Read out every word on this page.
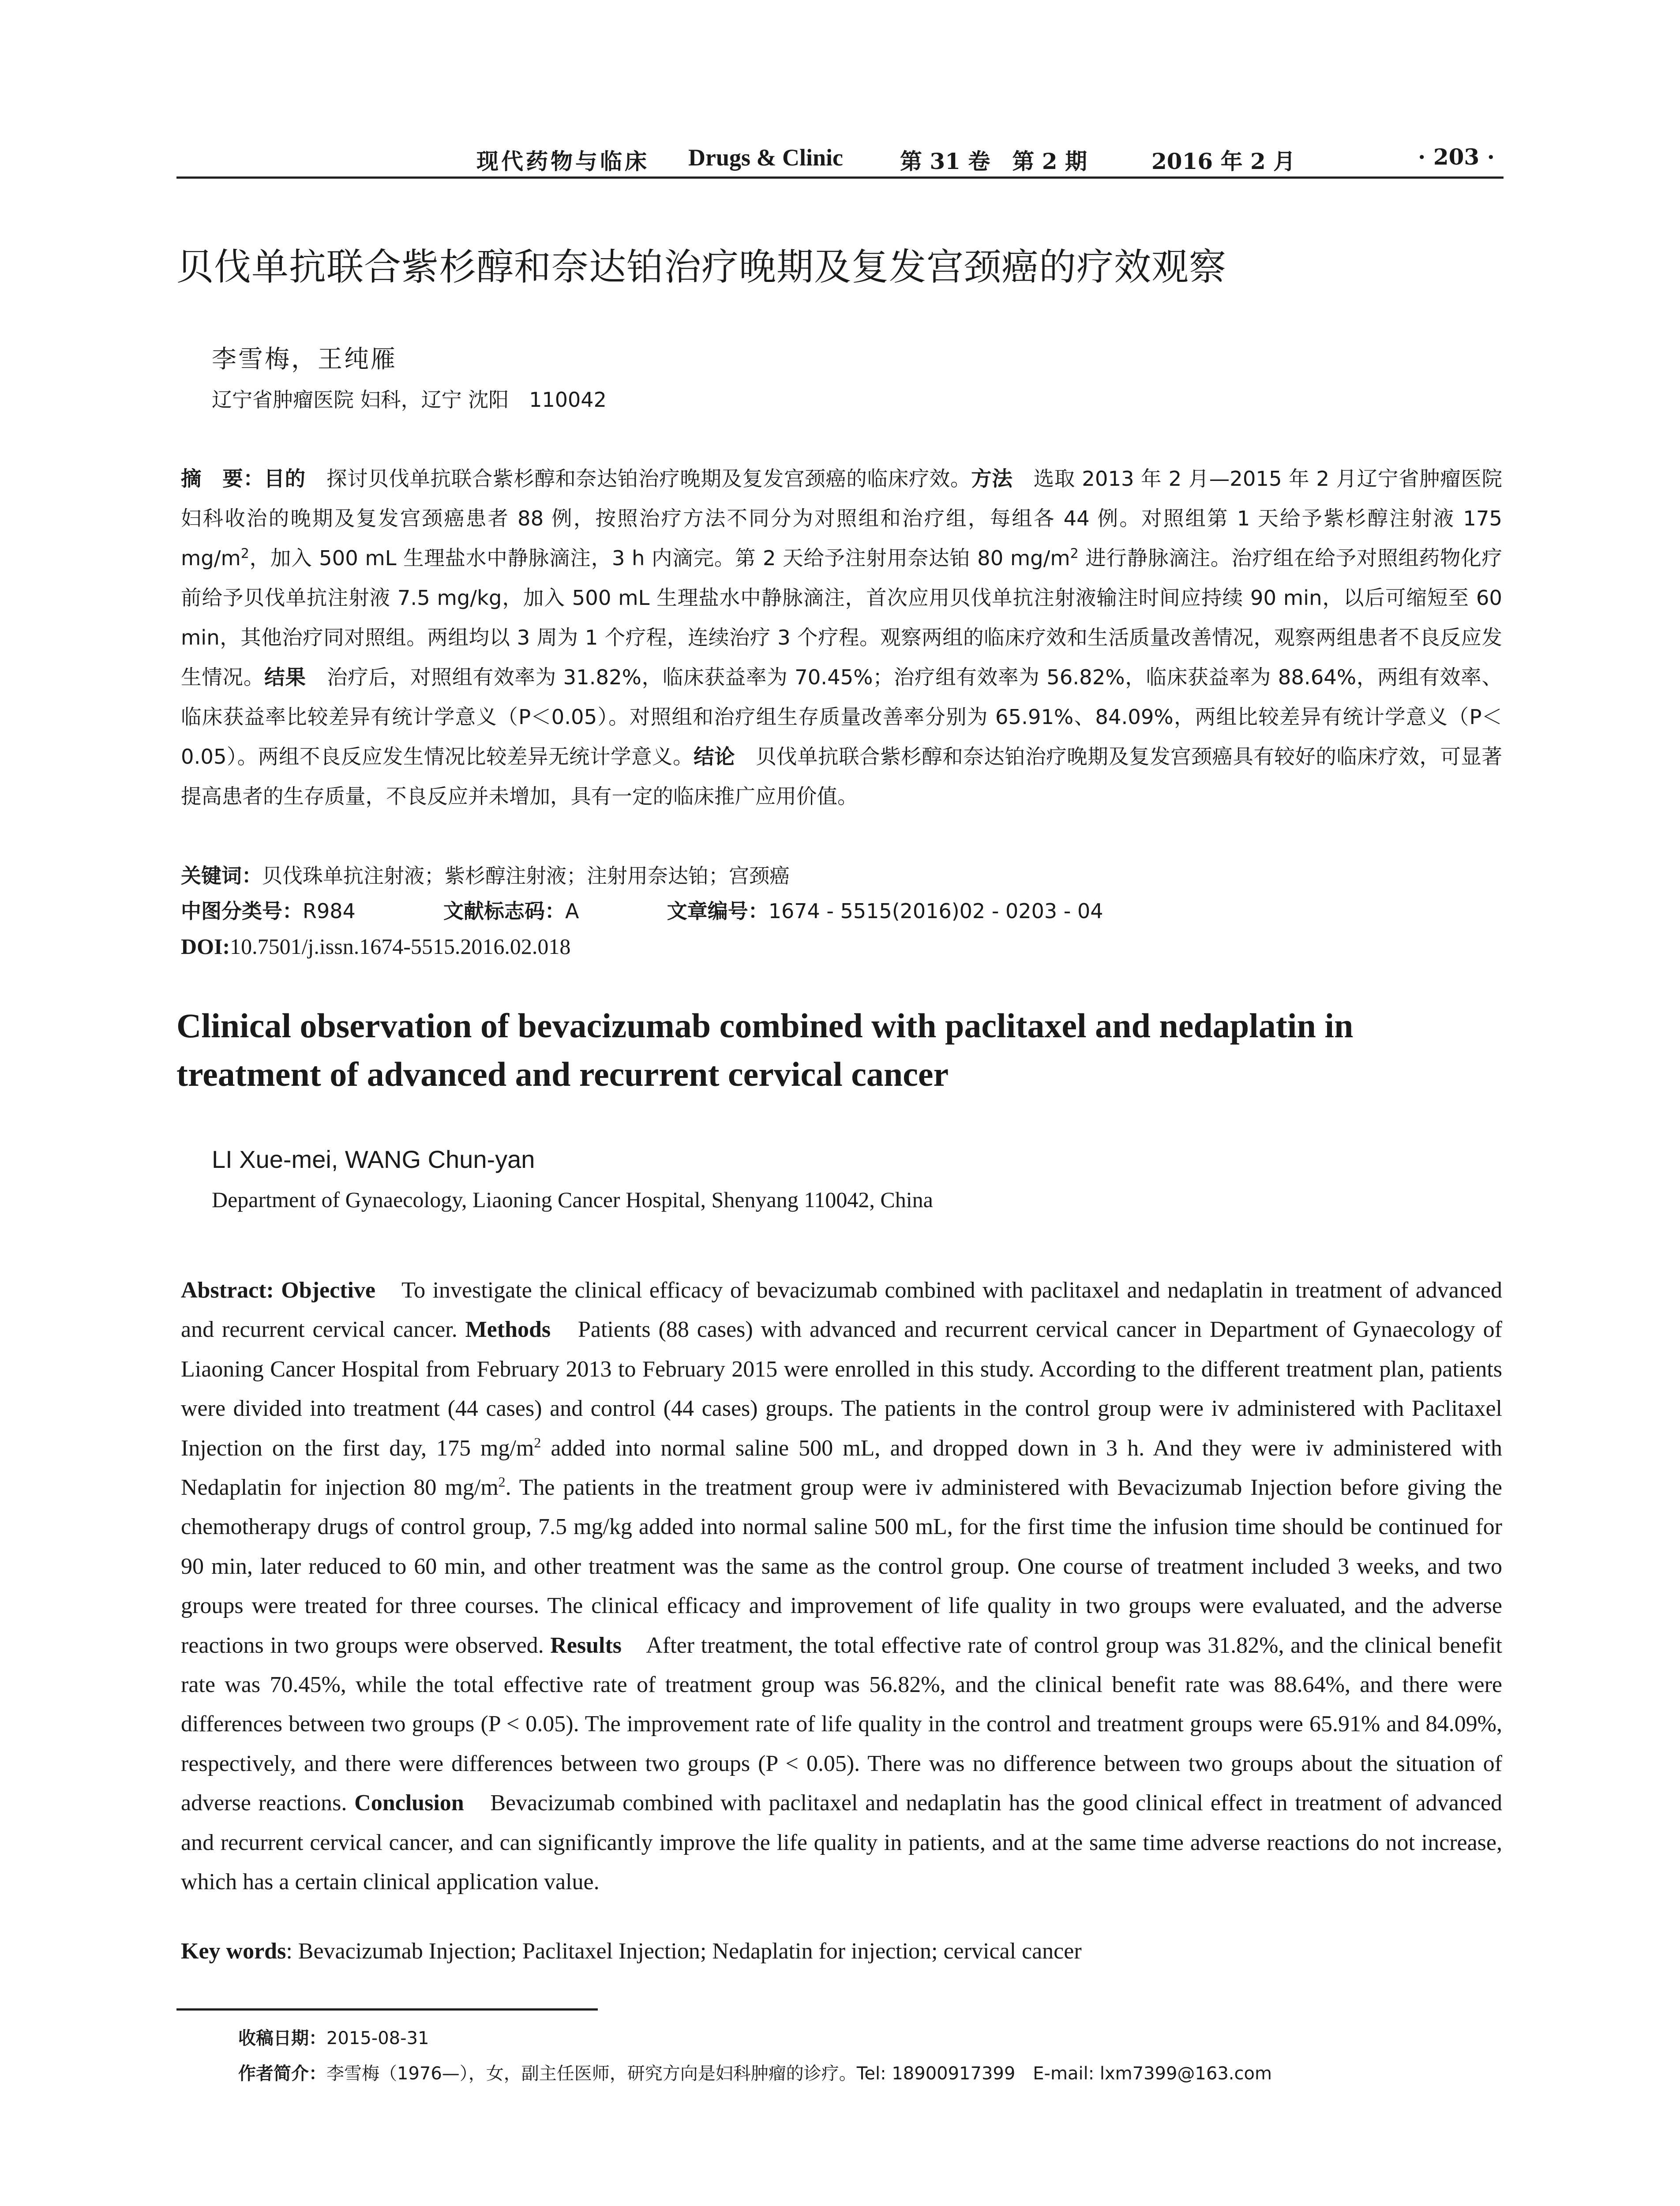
现代药物与临床 Drugs & Clinic	第 31 卷　第 2 期	2016 年 2 月	· 203 ·
贝伐单抗联合紫杉醇和奈达铂治疗晚期及复发宫颈癌的疗效观察
李雪梅，王纯雁
辽宁省肿瘤医院 妇科，辽宁 沈阳　110042
摘　要：目的　探讨贝伐单抗联合紫杉醇和奈达铂治疗晚期及复发宫颈癌的临床疗效。方法　选取 2013 年 2 月—2015 年 2 月辽宁省肿瘤医院妇科收治的晚期及复发宫颈癌患者 88 例，按照治疗方法不同分为对照组和治疗组，每组各 44 例。对照组第 1 天给予紫杉醇注射液 175 $mg/m^2$，加入 500 mL 生理盐水中静脉滴注，3 h 内滴完。第 2 天给予注射用奈达铂 80 $mg/m^2$ 进行静脉滴注。治疗组在给予对照组药物化疗前给予贝伐单抗注射液 7.5 mg/kg，加入 500 mL 生理盐水中静脉滴注，首次应用贝伐单抗注射液输注时间应持续 90 min，以后可缩短至 60 min，其他治疗同对照组。两组均以 3 周为 1 个疗程，连续治疗 3 个疗程。观察两组的临床疗效和生活质量改善情况，观察两组患者不良反应发生情况。结果　治疗后，对照组有效率为 31.82%，临床获益率为 70.45%；治疗组有效率为 56.82%，临床获益率为 88.64%，两组有效率、临床获益率比较差异有统计学意义（P＜0.05）。对照组和治疗组生存质量改善率分别为 65.91%、84.09%，两组比较差异有统计学意义（P＜0.05）。两组不良反应发生情况比较差异无统计学意义。结论　贝伐单抗联合紫杉醇和奈达铂治疗晚期及复发宫颈癌具有较好的临床疗效，可显著提高患者的生存质量，不良反应并未增加，具有一定的临床推广应用价值。
关键词：贝伐珠单抗注射液；紫杉醇注射液；注射用奈达铂；宫颈癌
中图分类号：R984	文献标志码：A	文章编号：1674 - 5515(2016)02 - 0203 - 04
DOI:10.7501/j.issn.1674-5515.2016.02.018
Clinical observation of bevacizumab combined with paclitaxel and nedaplatin in treatment of advanced and recurrent cervical cancer
LI Xue-mei, WANG Chun-yan
Department of Gynaecology, Liaoning Cancer Hospital, Shenyang 110042, China
Abstract: Objective　To investigate the clinical efficacy of bevacizumab combined with paclitaxel and nedaplatin in treatment of advanced and recurrent cervical cancer. Methods　Patients (88 cases) with advanced and recurrent cervical cancer in Department of Gynaecology of Liaoning Cancer Hospital from February 2013 to February 2015 were enrolled in this study. According to the different treatment plan, patients were divided into treatment (44 cases) and control (44 cases) groups. The patients in the control group were iv administered with Paclitaxel Injection on the first day, 175 $mg/m^2$ added into normal saline 500 mL, and dropped down in 3 h. And they were iv administered with Nedaplatin for injection 80 $mg/m^2$. The patients in the treatment group were iv administered with Bevacizumab Injection before giving the chemotherapy drugs of control group, 7.5 mg/kg added into normal saline 500 mL, for the first time the infusion time should be continued for 90 min, later reduced to 60 min, and other treatment was the same as the control group. One course of treatment included 3 weeks, and two groups were treated for three courses. The clinical efficacy and improvement of life quality in two groups were evaluated, and the adverse reactions in two groups were observed. Results　After treatment, the total effective rate of control group was 31.82%, and the clinical benefit rate was 70.45%, while the total effective rate of treatment group was 56.82%, and the clinical benefit rate was 88.64%, and there were differences between two groups (P < 0.05). The improvement rate of life quality in the control and treatment groups were 65.91% and 84.09%, respectively, and there were differences between two groups (P < 0.05). There was no difference between two groups about the situation of adverse reactions. Conclusion　Bevacizumab combined with paclitaxel and nedaplatin has the good clinical effect in treatment of advanced and recurrent cervical cancer, and can significantly improve the life quality in patients, and at the same time adverse reactions do not increase, which has a certain clinical application value.
Key words: Bevacizumab Injection; Paclitaxel Injection; Nedaplatin for injection; cervical cancer
收稿日期：2015-08-31
作者简介：李雪梅（1976—），女，副主任医师，研究方向是妇科肿瘤的诊疗。Tel: 18900917399　E-mail: lxm7399@163.com
